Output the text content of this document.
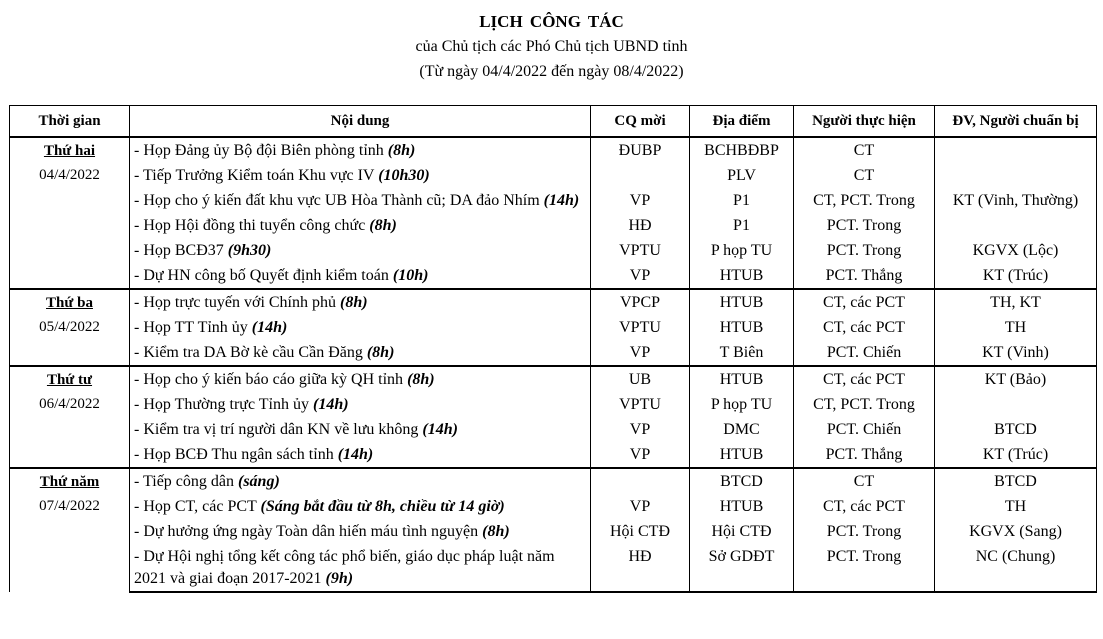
LỊCH CÔNG TÁC
của Chủ tịch các Phó Chủ tịch UBND tỉnh
(Từ ngày 04/4/2022 đến ngày 08/4/2022)
Thời gian	Nội dung	CQ mời	Địa điểm	Người thực hiện	ĐV, Người chuẩn bị

Thứ hai
04/4/2022	- Họp Đảng ủy Bộ đội Biên phòng tỉnh (8h)	ĐUBP	BCHBĐBP	CT	
	- Tiếp Trưởng Kiểm toán Khu vực IV (10h30)		PLV	CT	
	- Họp cho ý kiến đất khu vực UB Hòa Thành cũ; DA đảo Nhím (14h)	VP	P1	CT, PCT. Trong	KT (Vinh, Thường)
	- Họp Hội đồng thi tuyển công chức (8h)	HĐ	P1	PCT. Trong	
	- Họp BCĐ37 (9h30)	VPTU	P họp TU	PCT. Trong	KGVX (Lộc)
	- Dự HN công bố Quyết định kiểm toán (10h)	VP	HTUB	PCT. Thắng	KT (Trúc)

Thứ ba
05/4/2022	- Họp trực tuyến với Chính phủ (8h)	VPCP	HTUB	CT, các PCT	TH, KT
	- Họp TT Tỉnh ủy (14h)	VPTU	HTUB	CT, các PCT	TH
	- Kiểm tra DA Bờ kè cầu Cần Đăng (8h)	VP	T Biên	PCT. Chiến	KT (Vinh)

Thứ tư
06/4/2022	- Họp cho ý kiến báo cáo giữa kỳ QH tỉnh (8h)	UB	HTUB	CT, các PCT	KT (Bảo)
	- Họp Thường trực Tỉnh ủy (14h)	VPTU	P họp TU	CT, PCT. Trong	
	- Kiểm tra vị trí người dân KN về lưu không (14h)	VP	DMC	PCT. Chiến	BTCD
	- Họp BCĐ Thu ngân sách tỉnh (14h)	VP	HTUB	PCT. Thắng	KT (Trúc)

Thứ năm
07/4/2022	- Tiếp công dân (sáng)		BTCD	CT	BTCD
	- Họp CT, các PCT (Sáng bắt đầu từ 8h, chiều từ 14 giờ)	VP	HTUB	CT, các PCT	TH
	- Dự hưởng ứng ngày Toàn dân hiến máu tình nguyện (8h)	Hội CTĐ	Hội CTĐ	PCT. Trong	KGVX (Sang)
	- Dự Hội nghị tổng kết công tác phổ biến, giáo dục pháp luật năm 2021 và giai đoạn 2017-2021 (9h)	HĐ	Sở GDĐT	PCT. Trong	NC (Chung)
